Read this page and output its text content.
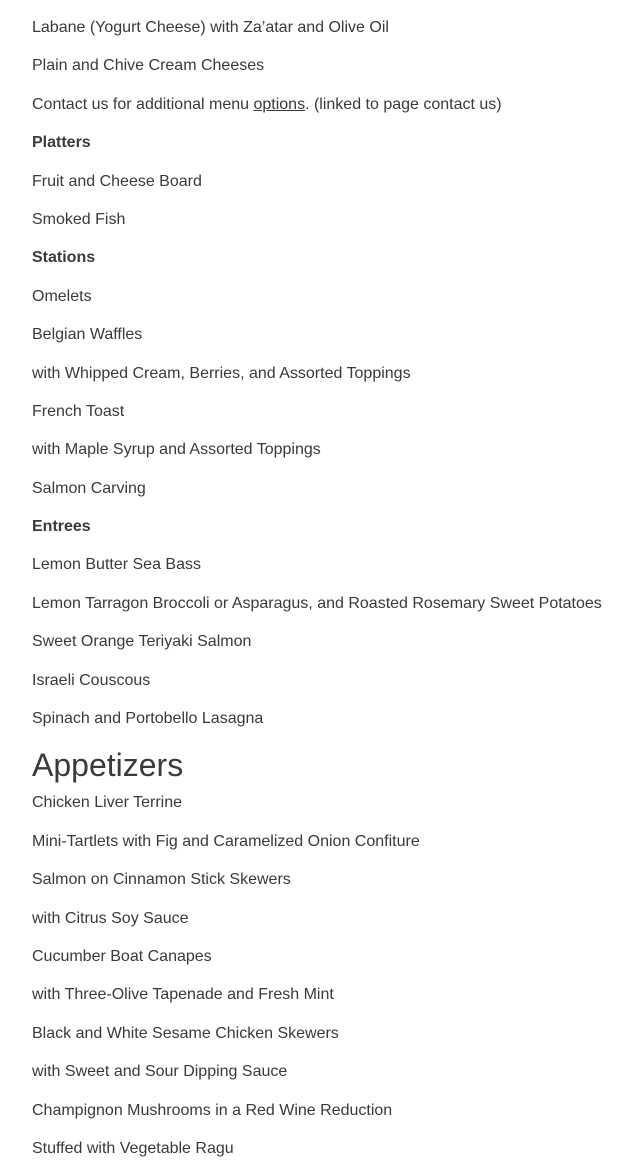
Labane (Yogurt Cheese) with Za’atar and Olive Oil

Plain and Chive Cream Cheeses

Contact us for additional menu options. (linked to page contact us)

Platters

Fruit and Cheese Board

Smoked Fish

Stations

Omelets

Belgian Waffles

with Whipped Cream, Berries, and Assorted Toppings

French Toast

with Maple Syrup and Assorted Toppings

Salmon Carving

Entrees

Lemon Butter Sea Bass

Lemon Tarragon Broccoli or Asparagus, and Roasted Rosemary Sweet Potatoes

Sweet Orange Teriyaki Salmon

Israeli Couscous

Spinach and Portobello Lasagna

Appetizers

Chicken Liver Terrine

Mini-Tartlets with Fig and Caramelized Onion Confiture

Salmon on Cinnamon Stick Skewers

with Citrus Soy Sauce

Cucumber Boat Canapes

with Three-Olive Tapenade and Fresh Mint

Black and White Sesame Chicken Skewers

with Sweet and Sour Dipping Sauce

Champignon Mushrooms in a Red Wine Reduction

Stuffed with Vegetable Ragu
